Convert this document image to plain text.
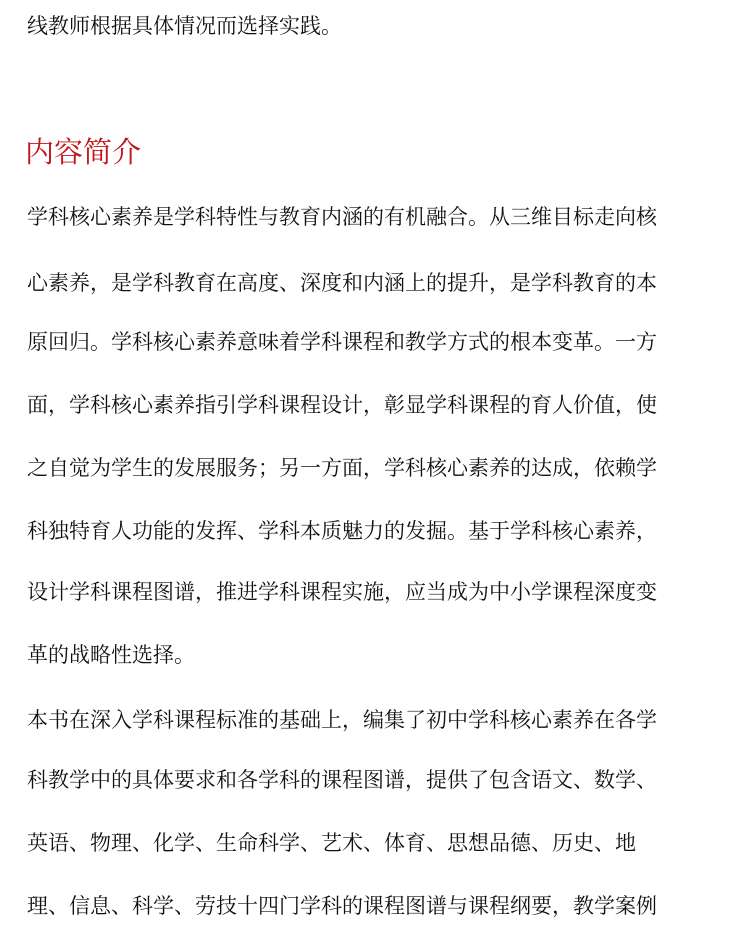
线教师根据具体情况而选择实践。

内容简介

学科核心素养是学科特性与教育内涵的有机融合。从三维目标走向核

心素养，是学科教育在高度、深度和内涵上的提升，是学科教育的本

原回归。学科核心素养意味着学科课程和教学方式的根本变革。一方

面，学科核心素养指引学科课程设计，彰显学科课程的育人价值，使

之自觉为学生的发展服务；另一方面，学科核心素养的达成，依赖学

科独特育人功能的发挥、学科本质魅力的发掘。基于学科核心素养，

设计学科课程图谱，推进学科课程实施，应当成为中小学课程深度变

革的战略性选择。

本书在深入学科课程标准的基础上，编集了初中学科核心素养在各学

科教学中的具体要求和各学科的课程图谱，提供了包含语文、数学、

英语、物理、化学、生命科学、艺术、体育、思想品德、历史、地

理、信息、科学、劳技十四门学科的课程图谱与课程纲要，教学案例
